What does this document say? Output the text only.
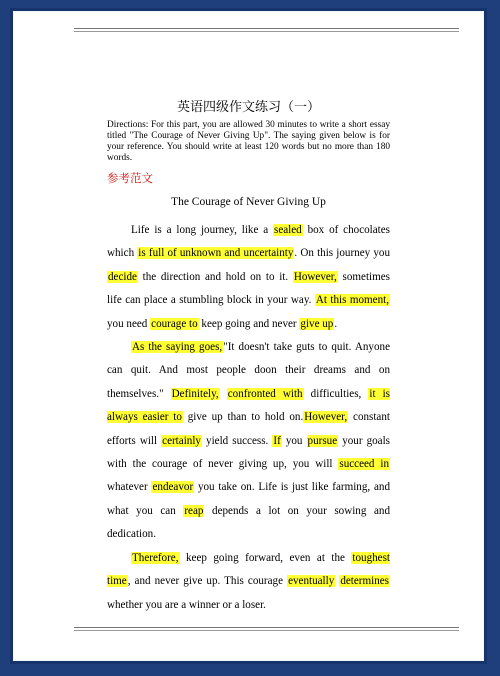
英语四级作文练习（一）
Directions: For this part, you are allowed 30 minutes to write a short essay titled "The Courage of Never Giving Up". The saying given below is for your reference. You should write at least 120 words but no more than 180 words.
参考范文
The Courage of Never Giving Up

Life is a long journey, like a sealed box of chocolates which is full of unknown and uncertainty. On this journey you decide the direction and hold on to it. However, sometimes life can place a stumbling block in your way. At this moment, you need courage to keep going and never give up.

As the saying goes,"It doesn't take guts to quit. Anyone can quit. And most people doon their dreams and on themselves." Definitely, confronted with difficulties, it is always easier to give up than to hold on.However, constant efforts will certainly yield success. If you pursue your goals with the courage of never giving up, you will succeed in whatever endeavor you take on. Life is just like farming, and what you can reap depends a lot on your sowing and dedication.

Therefore, keep going forward, even at the toughest time, and never give up. This courage eventually determines whether you are a winner or a loser.
